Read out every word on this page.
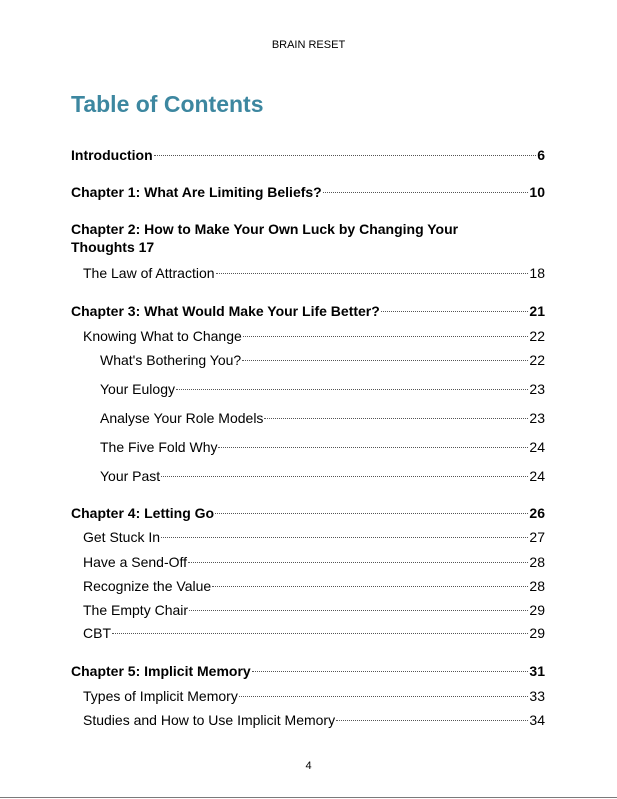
BRAIN RESET
Table of Contents
Introduction	6
Chapter 1: What Are Limiting Beliefs?	10
Chapter 2: How to Make Your Own Luck by Changing Your
Thoughts 17
The Law of Attraction	18
Chapter 3: What Would Make Your Life Better?	21
Knowing What to Change	22
What's Bothering You?	22
Your Eulogy	23
Analyse Your Role Models	23
The Five Fold Why	24
Your Past	24
Chapter 4: Letting Go	26
Get Stuck In	27
Have a Send-Off	28
Recognize the Value	28
The Empty Chair	29
CBT	29
Chapter 5: Implicit Memory	31
Types of Implicit Memory	33
Studies and How to Use Implicit Memory	34
4
